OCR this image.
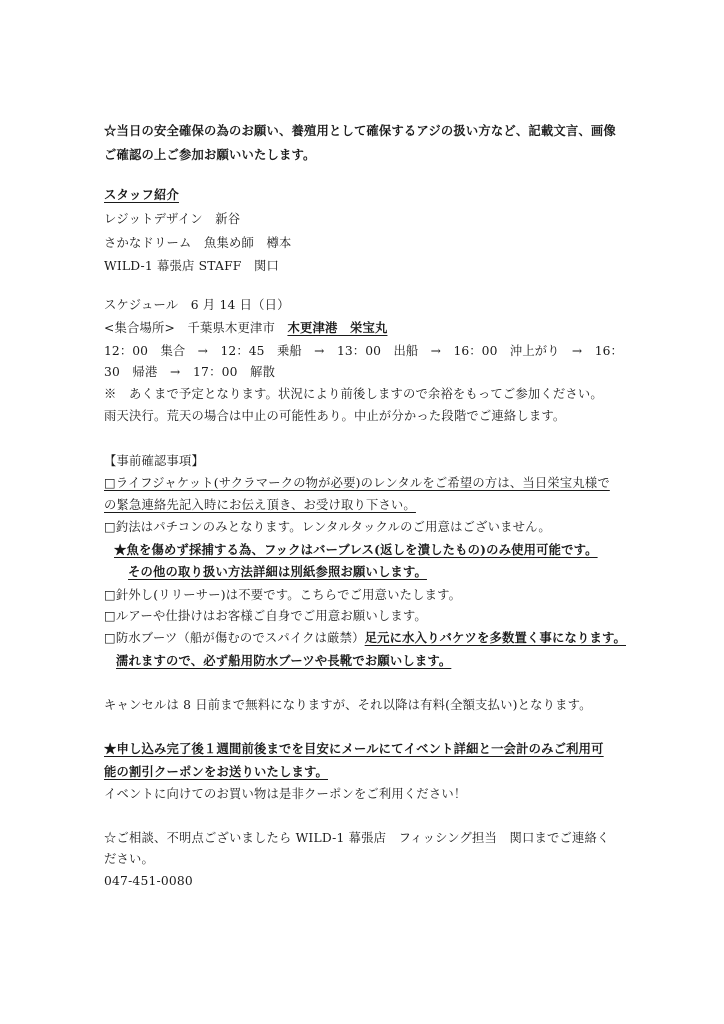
☆当日の安全確保の為のお願い、養殖用として確保するアジの扱い方など、記載文言、画像
ご確認の上ご参加お願いいたします。
スタッフ紹介
レジットデザイン　新谷
さかなドリーム　魚集め師　樽本
WILD-1 幕張店 STAFF　関口
スケジュール　6 月 14 日（日）
<集合場所>　千葉県木更津市　木更津港　栄宝丸
12：00　集合　→　12：45　乗船　→　13：00　出船　→　16：00　沖上がり　→　16：
30　帰港　→　17：00　解散
※　あくまで予定となります。状況により前後しますので余裕をもってご参加ください。
雨天決行。荒天の場合は中止の可能性あり。中止が分かった段階でご連絡します。
【事前確認事項】
□ライフジャケット(サクラマークの物が必要)のレンタルをご希望の方は、当日栄宝丸様で
の緊急連絡先記入時にお伝え頂き、お受け取り下さい。
□釣法はパチコンのみとなります。レンタルタックルのご用意はございません。
★魚を傷めず採捕する為、フックはバーブレス(返しを潰したもの)のみ使用可能です。
その他の取り扱い方法詳細は別紙参照お願いします。
□針外し(リリーサー)は不要です。こちらでご用意いたします。
□ルアーや仕掛けはお客様ご自身でご用意お願いします。
□防水ブーツ（船が傷むのでスパイクは厳禁）足元に水入りバケツを多数置く事になります。
濡れますので、必ず船用防水ブーツや長靴でお願いします。
キャンセルは 8 日前まで無料になりますが、それ以降は有料(全額支払い)となります。
★申し込み完了後１週間前後までを目安にメールにてイベント詳細と一会計のみご利用可
能の割引クーポンをお送りいたします。
イベントに向けてのお買い物は是非クーポンをご利用ください！
☆ご相談、不明点ございましたら WILD-1 幕張店　フィッシング担当　関口までご連絡く
ださい。
047-451-0080
